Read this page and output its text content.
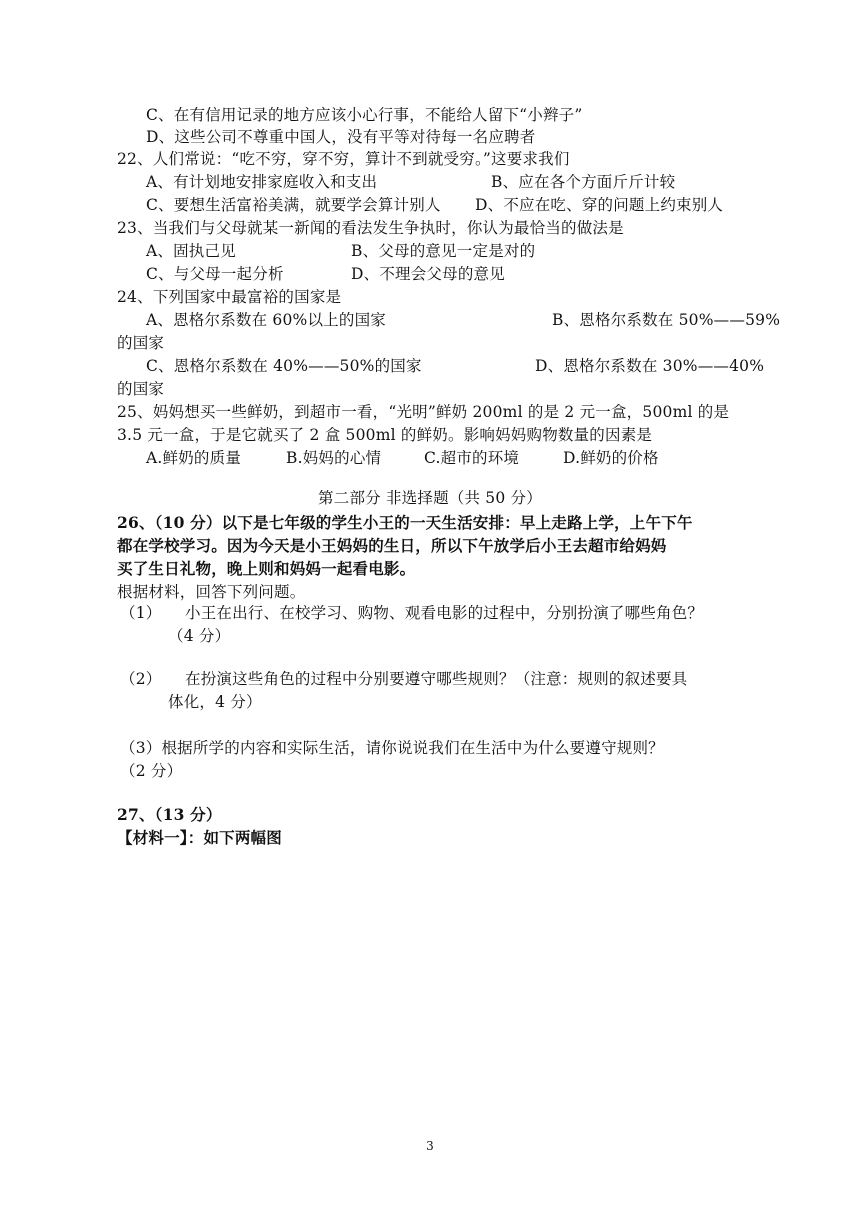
C、在有信用记录的地方应该小心行事，不能给人留下“小辫子”
D、这些公司不尊重中国人，没有平等对待每一名应聘者
22、人们常说：“吃不穷，穿不穷，算计不到就受穷。”这要求我们
A、有计划地安排家庭收入和支出	B、应在各个方面斤斤计较
C、要想生活富裕美满，就要学会算计别人 D、不应在吃、穿的问题上约束别人
23、当我们与父母就某一新闻的看法发生争执时，你认为最恰当的做法是
A、固执己见	B、父母的意见一定是对的
C、与父母一起分析	D、不理会父母的意见
24、下列国家中最富裕的国家是
A、恩格尔系数在 60%以上的国家	B、恩格尔系数在 50%——59%
的国家
C、恩格尔系数在 40%——50%的国家	D、恩格尔系数在 30%——40%
的国家
25、妈妈想买一些鲜奶，到超市一看，“光明”鲜奶 200ml 的是 2 元一盒，500ml 的是
3.5 元一盒，于是它就买了 2 盒 500ml 的鲜奶。影响妈妈购物数量的因素是
A.鲜奶的质量	B.妈妈的心情	C.超市的环境	D.鲜奶的价格
第二部分 非选择题（共 50 分）
26、（10 分）以下是七年级的学生小王的一天生活安排：早上走路上学，上午下午
都在学校学习。因为今天是小王妈妈的生日，所以下午放学后小王去超市给妈妈
买了生日礼物，晚上则和妈妈一起看电影。
根据材料，回答下列问题。
（1） 小王在出行、在校学习、购物、观看电影的过程中，分别扮演了哪些角色？
（4 分）
（2） 在扮演这些角色的过程中分别要遵守哪些规则？（注意：规则的叙述要具
体化，4 分）
（3）根据所学的内容和实际生活，请你说说我们在生活中为什么要遵守规则？
（2 分）
27、（13 分）
【材料一】：如下两幅图
3
